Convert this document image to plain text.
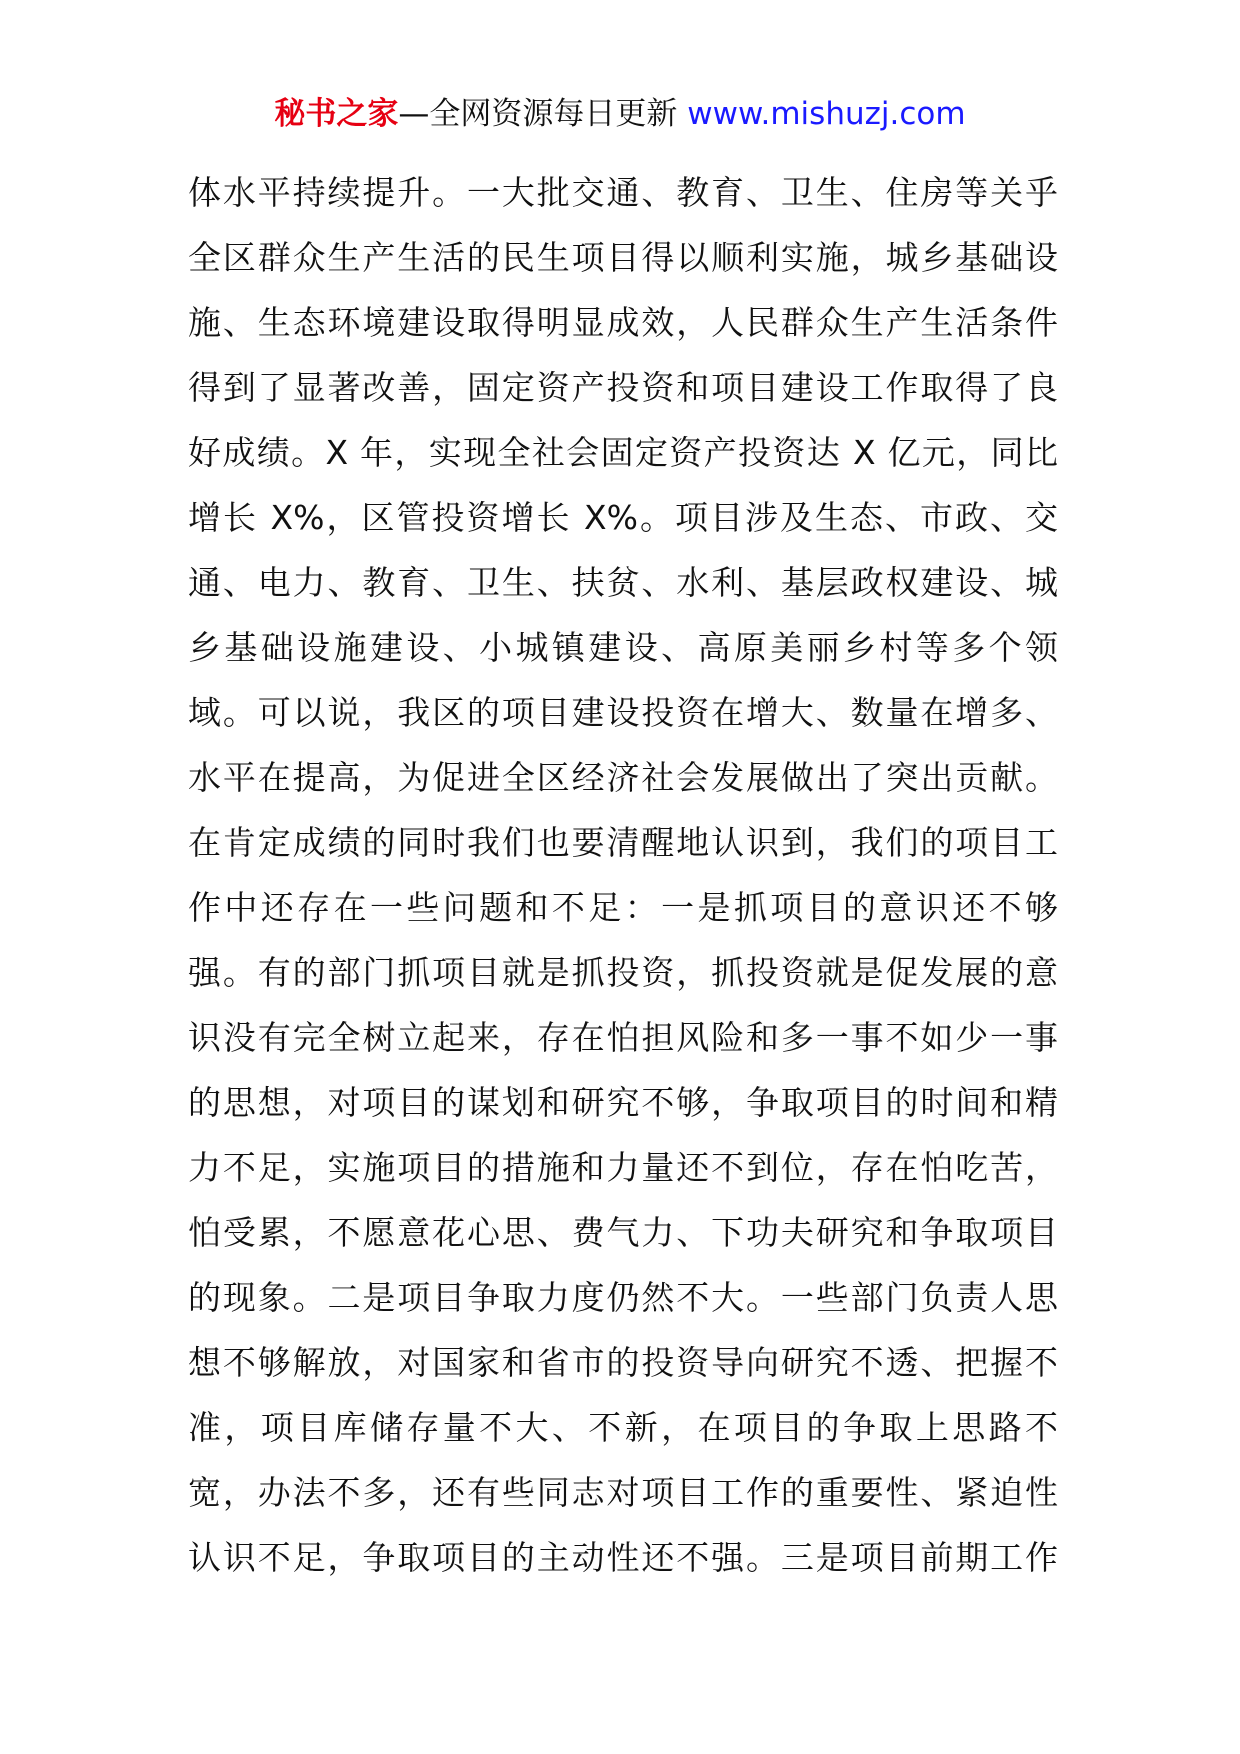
秘书之家—全网资源每日更新 www.mishuzj.com
体水平持续提升。一大批交通、教育、卫生、住房等关乎
全区群众生产生活的民生项目得以顺利实施，城乡基础设
施、生态环境建设取得明显成效，人民群众生产生活条件
得到了显著改善，固定资产投资和项目建设工作取得了良
好成绩。X 年，实现全社会固定资产投资达 X 亿元，同比
增长 X%，区管投资增长 X%。项目涉及生态、市政、交
通、电力、教育、卫生、扶贫、水利、基层政权建设、城
乡基础设施建设、小城镇建设、高原美丽乡村等多个领
域。可以说，我区的项目建设投资在增大、数量在增多、
水平在提高，为促进全区经济社会发展做出了突出贡献。
在肯定成绩的同时我们也要清醒地认识到，我们的项目工
作中还存在一些问题和不足：一是抓项目的意识还不够
强。有的部门抓项目就是抓投资，抓投资就是促发展的意
识没有完全树立起来，存在怕担风险和多一事不如少一事
的思想，对项目的谋划和研究不够，争取项目的时间和精
力不足，实施项目的措施和力量还不到位，存在怕吃苦，
怕受累，不愿意花心思、费气力、下功夫研究和争取项目
的现象。二是项目争取力度仍然不大。一些部门负责人思
想不够解放，对国家和省市的投资导向研究不透、把握不
准，项目库储存量不大、不新，在项目的争取上思路不
宽，办法不多，还有些同志对项目工作的重要性、紧迫性
认识不足，争取项目的主动性还不强。三是项目前期工作
